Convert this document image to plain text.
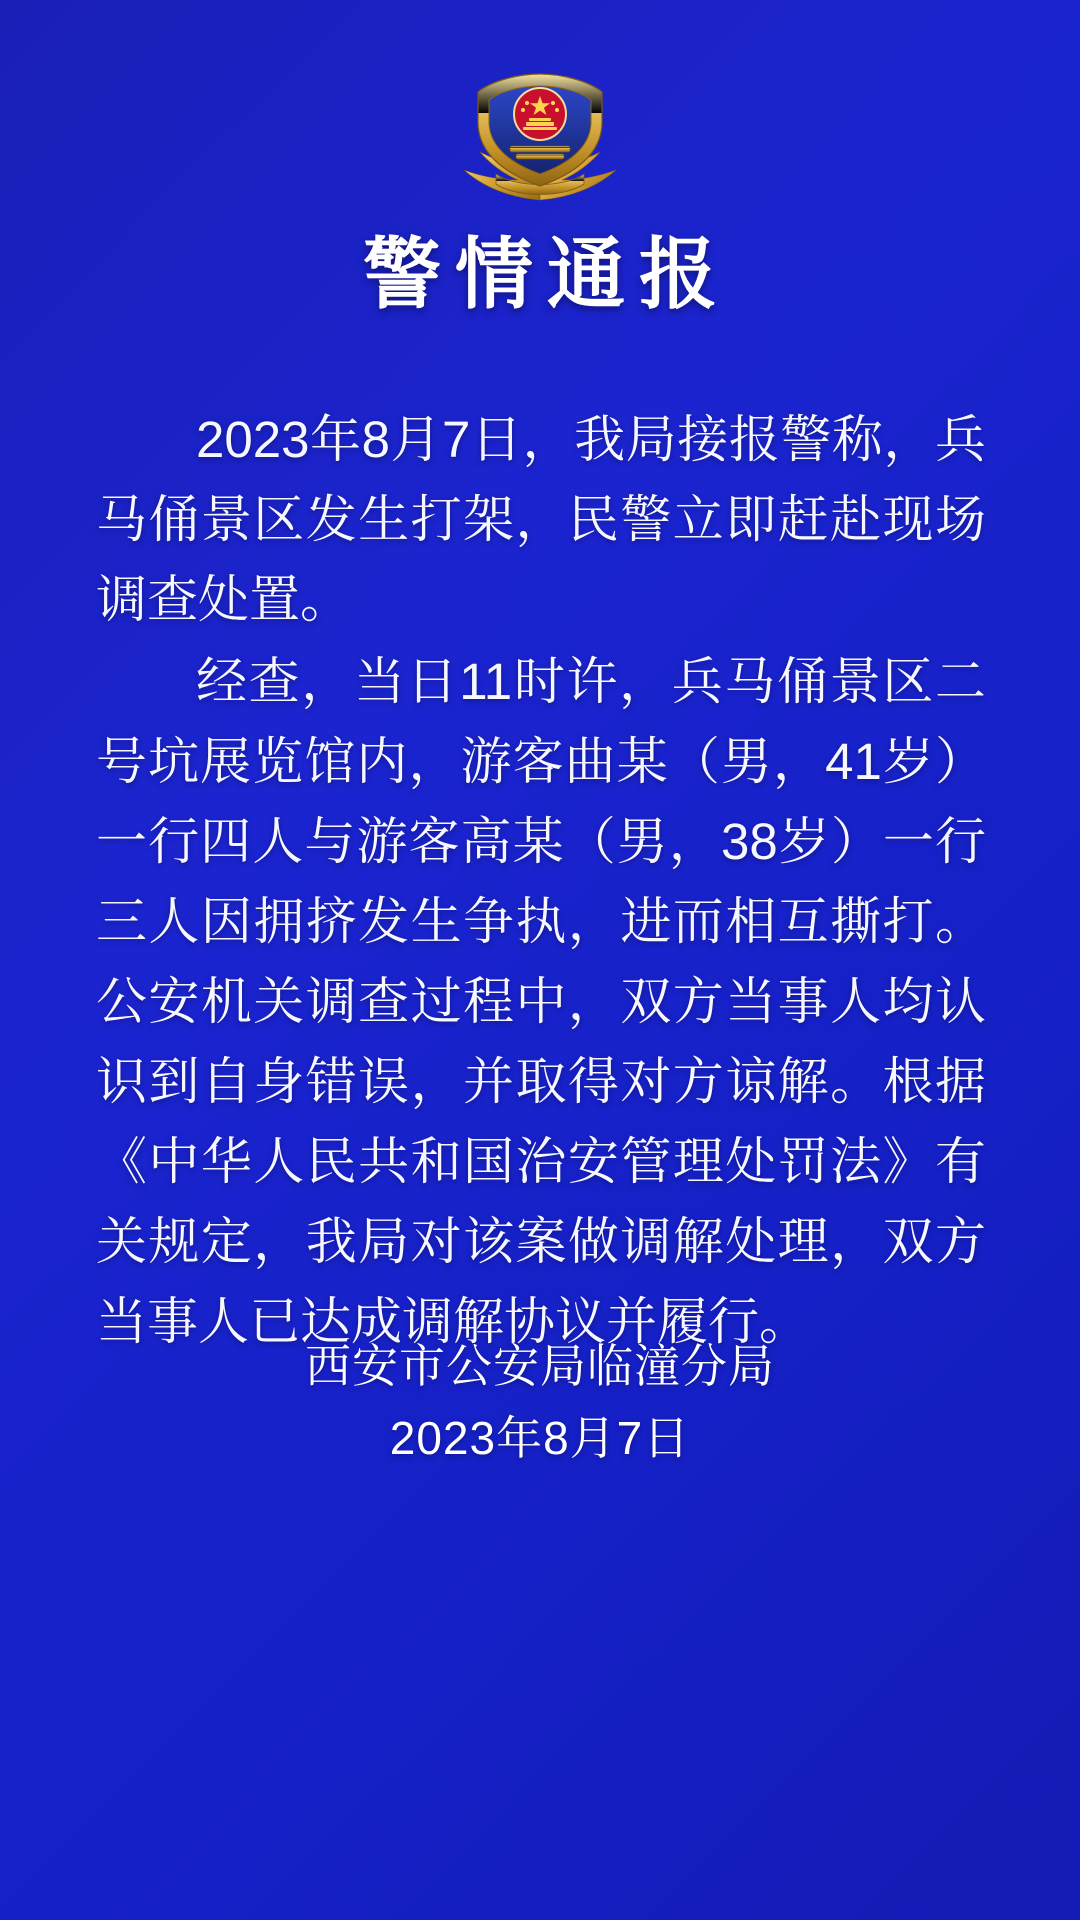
警情通报

2023年8月7日，我局接报警称，兵马俑景区发生打架，民警立即赶赴现场调查处置。

经查，当日11时许，兵马俑景区二号坑展览馆内，游客曲某（男，41岁）一行四人与游客高某（男，38岁）一行三人因拥挤发生争执，进而相互撕打。公安机关调查过程中，双方当事人均认识到自身错误，并取得对方谅解。根据《中华人民共和国治安管理处罚法》有关规定，我局对该案做调解处理，双方当事人已达成调解协议并履行。

西安市公安局临潼分局
2023年8月7日
